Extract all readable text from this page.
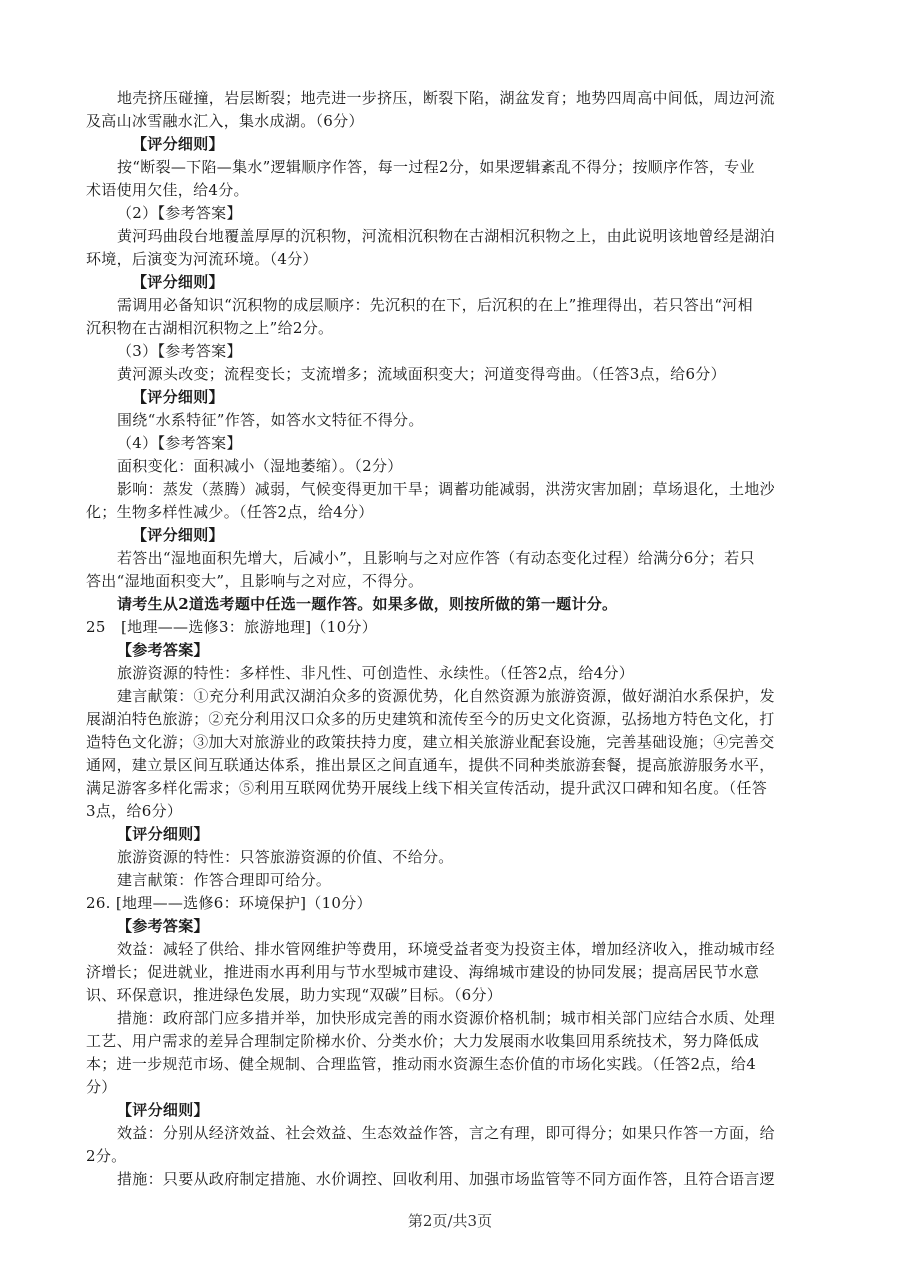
地壳挤压碰撞，岩层断裂；地壳进一步挤压，断裂下陷，湖盆发育；地势四周高中间低，周边河流
及高山冰雪融水汇入，集水成湖。（6分）
【评分细则】
按“断裂—下陷—集水”逻辑顺序作答，每一过程2分，如果逻辑紊乱不得分；按顺序作答，专业
术语使用欠佳，给4分。
（2）【参考答案】
黄河玛曲段台地覆盖厚厚的沉积物，河流相沉积物在古湖相沉积物之上，由此说明该地曾经是湖泊
环境，后演变为河流环境。（4分）
【评分细则】
需调用必备知识“沉积物的成层顺序：先沉积的在下，后沉积的在上”推理得出，若只答出“河相
沉积物在古湖相沉积物之上”给2分。
（3）【参考答案】
黄河源头改变；流程变长；支流增多；流域面积变大；河道变得弯曲。（任答3点，给6分）
【评分细则】
围绕“水系特征”作答，如答水文特征不得分。
（4）【参考答案】
面积变化：面积减小（湿地萎缩）。（2分）
影响：蒸发（蒸腾）减弱，气候变得更加干旱；调蓄功能减弱，洪涝灾害加剧；草场退化，土地沙
化；生物多样性减少。（任答2点，给4分）
【评分细则】
若答出“湿地面积先增大，后减小”，且影响与之对应作答（有动态变化过程）给满分6分；若只
答出“湿地面积变大”，且影响与之对应，不得分。
请考生从2道选考题中任选一题作答。如果多做，则按所做的第一题计分。
25　[地理——选修3：旅游地理]（10分）
【参考答案】
旅游资源的特性：多样性、非凡性、可创造性、永续性。（任答2点，给4分）
建言献策：①充分利用武汉湖泊众多的资源优势，化自然资源为旅游资源，做好湖泊水系保护，发
展湖泊特色旅游；②充分利用汉口众多的历史建筑和流传至今的历史文化资源，弘扬地方特色文化，打
造特色文化游；③加大对旅游业的政策扶持力度，建立相关旅游业配套设施，完善基础设施；④完善交
通网，建立景区间互联通达体系，推出景区之间直通车，提供不同种类旅游套餐，提高旅游服务水平，
满足游客多样化需求；⑤利用互联网优势开展线上线下相关宣传活动，提升武汉口碑和知名度。（任答
3点，给6分）
【评分细则】
旅游资源的特性：只答旅游资源的价值、不给分。
建言献策：作答合理即可给分。
26. [地理——选修6：环境保护]（10分）
【参考答案】
效益：减轻了供给、排水管网维护等费用，环境受益者变为投资主体，增加经济收入，推动城市经
济增长；促进就业，推进雨水再利用与节水型城市建设、海绵城市建设的协同发展；提高居民节水意
识、环保意识，推进绿色发展，助力实现“双碳”目标。（6分）
措施：政府部门应多措并举，加快形成完善的雨水资源价格机制；城市相关部门应结合水质、处理
工艺、用户需求的差异合理制定阶梯水价、分类水价；大力发展雨水收集回用系统技术，努力降低成
本；进一步规范市场、健全规制、合理监管，推动雨水资源生态价值的市场化实践。（任答2点，给4
分）
【评分细则】
效益：分别从经济效益、社会效益、生态效益作答，言之有理，即可得分；如果只作答一方面，给
2分。
措施：只要从政府制定措施、水价调控、回收利用、加强市场监管等不同方面作答，且符合语言逻
第2页/共3页
